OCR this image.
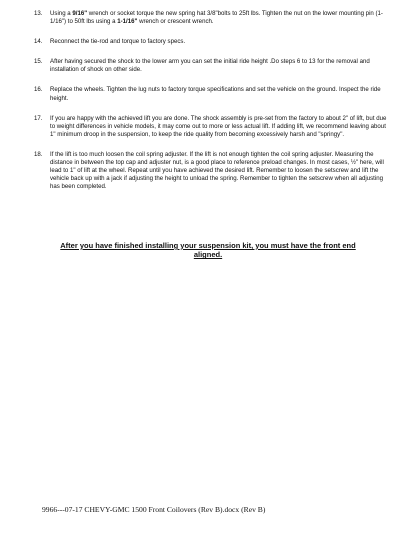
13.	Using a 9/16" wrench or socket torque the new spring hat 3/8"bolts to 25ft lbs. Tighten the nut on the lower mounting pin (1-1/16") to 50ft lbs using a 1-1/16" wrench or crescent wrench.
14.	Reconnect the tie-rod and torque to factory specs.
15.	After having secured the shock to the lower arm you can set the initial ride height .Do steps 6 to 13 for the removal and installation of shock on other side.
16.	Replace the wheels. Tighten the lug nuts to factory torque specifications and set the vehicle on the ground. Inspect the ride height.
17.	If you are happy with the achieved lift you are done. The shock assembly is pre-set from the factory to about 2" of lift, but due to weight differences in vehicle models, it may come out to more or less actual lift. If adding lift, we recommend leaving about 1" minimum droop in the suspension, to keep the ride quality from becoming excessively harsh and "springy".
18.	If the lift is too much loosen the coil spring adjuster. If the lift is not enough tighten the coil spring adjuster. Measuring the distance in between the top cap and adjuster nut, is a good place to reference preload changes. In most cases, ½" here, will lead to 1" of lift at the wheel. Repeat until you have achieved the desired lift. Remember to loosen the setscrew and lift the vehicle back up with a jack if adjusting the height to unload the spring. Remember to tighten the setscrew when all adjusting has been completed.
After you have finished installing your suspension kit, you must have the front end aligned.
9966---07-17 CHEVY-GMC 1500 Front Coilovers (Rev B).docx (Rev B)
